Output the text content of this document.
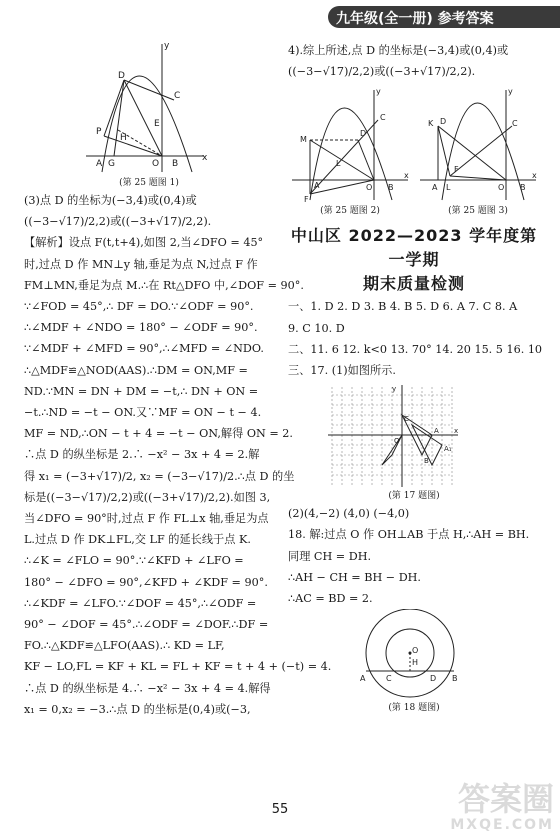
九年级(全一册) 参考答案
D
C
E
P
H
A G	O B
x
y

(第 25 题图 1)

(3)点 D 的坐标为(−3,4)或(0,4)或

((−3−√17)/2,2)或((−3+√17)/2,2).

【解析】设点 F(t,t+4),如图 2,当∠DFO = 45°

时,过点 D 作 MN⊥y 轴,垂足为点 N,过点 F 作

FM⊥MN,垂足为点 M.∴在 Rt△DFO 中,∠DOF = 90°.

∵∠FOD = 45°,∴ DF = DO.∵∠ODF = 90°.

∴∠MDF + ∠NDO = 180° − ∠ODF = 90°.

∵∠MDF + ∠MFD = 90°,∴∠MFD = ∠NDO.

∴△MDF≌△NOD(AAS).∴DM = ON,MF =

ND.∵MN = DN + DM = −t,∴ DN + ON =

−t.∴ND = −t − ON.又∵MF = ON − t − 4.

MF = ND,∴ON − t + 4 = −t − ON,解得 ON = 2.

∴点 D 的纵坐标是 2.∴ −x² − 3x + 4 = 2.解

得 x₁ = (−3+√17)/2, x₂ = (−3−√17)/2.∴点 D 的坐

标是((−3−√17)/2,2)或((−3+√17)/2,2).如图 3,

当∠DFO = 90°时,过点 F 作 FL⊥x 轴,垂足为点

L.过点 D 作 DK⊥FL,交 LF 的延长线于点 K.

∴∠K = ∠FLO = 90°.∵∠KFD + ∠LFO =

180° − ∠DFO = 90°,∠KFD + ∠KDF = 90°.

∴∠KDF = ∠LFO.∵∠DOF = 45°,∴∠ODF =

90° − ∠DOF = 45°.∴∠ODF = ∠DOF.∴DF =

FO.∴△KDF≌△LFO(AAS).∴ KD = LF,

KF − LO,FL = KF + KL = FL + KF = t + 4 + (−t) = 4.

∴点 D 的纵坐标是 4.∴ −x² − 3x + 4 = 4.解得

x₁ = 0,x₂ = −3.∴点 D 的坐标是(0,4)或(−3,

4).综上所述,点 D 的坐标是(−3,4)或(0,4)或

((−3−√17)/2,2)或((−3+√17)/2,2).

M
D
C
L
F
A	O B
x
y

(第 25 题图 2)

K D	C
F
A L	O B
x
y

(第 25 题图 3)

中山区 2022—2023 学年度第一学期

期末质量检测

一、1. D 2. D 3. B 4. B 5. D 6. A 7. C 8. A

9. C 10. D

二、11. 6 12. k<0 13. 70° 14. 20 15. 5 16. 10

三、17. (1)如图所示.

y
x
O
C
A
B
A₁

(第 17 题图)

(2)(4,−2) (4,0) (−4,0)

18. 解:过点 O 作 OH⊥AB 于点 H,∴AH = BH.

同理 CH = DH.

∴AH − CH = BH − DH.

∴AC = BD = 2.

O
H
A	C	D B

(第 18 题图)

55	答案圈
MXQE.COM
